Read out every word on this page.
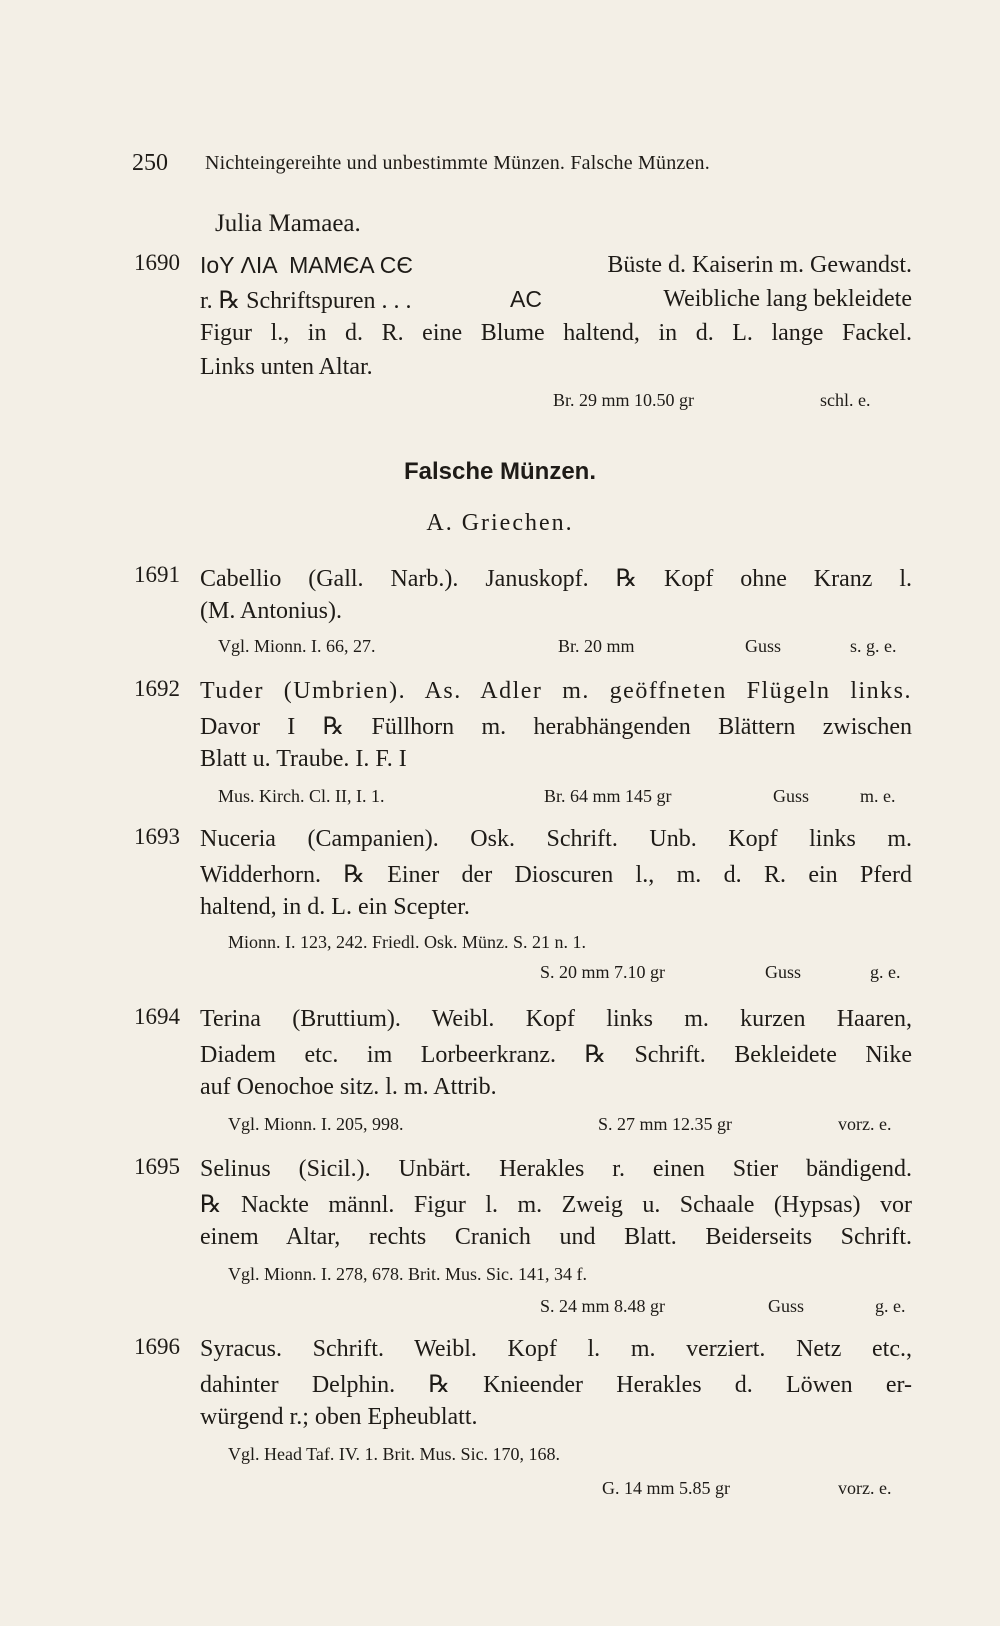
250 Nichteingereihte und unbestimmte Münzen. Falsche Münzen.
Julia Mamaea.
1690 IoY ΛIA  MAMЄA CЄ	Büste d. Kaiserin m. Gewandst.
r. ℞ Schriftspuren . . .	AC	Weibliche lang bekleidete
Figur l., in d. R. eine Blume haltend, in d. L. lange Fackel.
Links unten Altar.
Br. 29 mm 10.50 gr	schl. e.
Falsche Münzen.
A. Griechen.
1691 Cabellio (Gall. Narb.). Januskopf. ℞ Kopf ohne Kranz l.
(M. Antonius).
Vgl. Mionn. I. 66, 27.	Br. 20 mm	Guss	s. g. e.
1692 Tuder (Umbrien). As. Adler m. geöffneten Flügeln links.
Davor I ℞ Füllhorn m. herabhängenden Blättern zwischen
Blatt u. Traube. I. F. I
Mus. Kirch. Cl. II, I. 1.	Br. 64 mm 145 gr	Guss	m. e.
1693 Nuceria (Campanien). Osk. Schrift. Unb. Kopf links m.
Widderhorn. ℞ Einer der Dioscuren l., m. d. R. ein Pferd
haltend, in d. L. ein Scepter.
Mionn. I. 123, 242. Friedl. Osk. Münz. S. 21 n. 1.
S. 20 mm 7.10 gr	Guss	g. e.
1694 Terina (Bruttium). Weibl. Kopf links m. kurzen Haaren,
Diadem etc. im Lorbeerkranz. ℞ Schrift. Bekleidete Nike
auf Oenochoe sitz. l. m. Attrib.
Vgl. Mionn. I. 205, 998.	S. 27 mm 12.35 gr	vorz. e.
1695 Selinus (Sicil.). Unbärt. Herakles r. einen Stier bändigend.
℞ Nackte männl. Figur l. m. Zweig u. Schaale (Hypsas) vor
einem Altar, rechts Cranich und Blatt. Beiderseits Schrift.
Vgl. Mionn. I. 278, 678. Brit. Mus. Sic. 141, 34 f.
S. 24 mm 8.48 gr	Guss	g. e.
1696 Syracus. Schrift. Weibl. Kopf l. m. verziert. Netz etc.,
dahinter Delphin. ℞ Knieender Herakles d. Löwen er-
würgend r.; oben Epheublatt.
Vgl. Head Taf. IV. 1. Brit. Mus. Sic. 170, 168.
G. 14 mm 5.85 gr	vorz. e.
